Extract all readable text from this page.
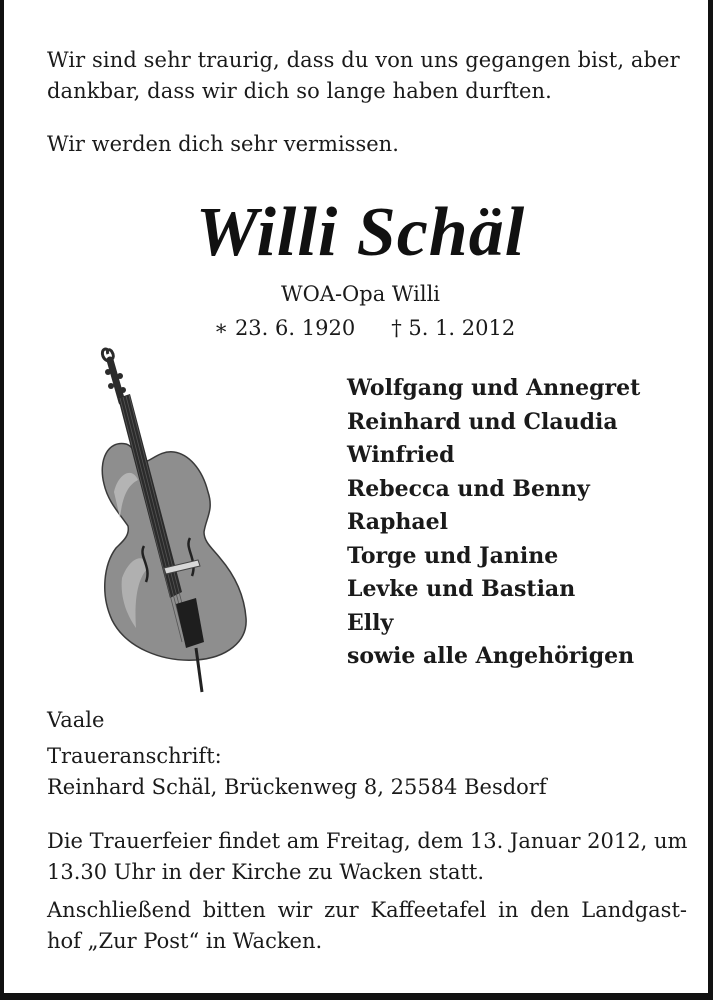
Wir sind sehr traurig, dass du von uns gegangen bist, aber
dankbar, dass wir dich so lange haben durften.

Wir werden dich sehr vermissen.

Willi Schäl

WOA-Opa Willi

∗ 23. 6. 1920 † 5. 1. 2012

Wolfgang und Annegret
Reinhard und Claudia
Winfried
Rebecca und Benny
Raphael
Torge und Janine
Levke und Bastian
Elly
sowie alle Angehörigen

Vaale

Traueranschrift:
Reinhard Schäl, Brückenweg 8, 25584 Besdorf

Die Trauerfeier findet am Freitag, dem 13. Januar 2012, um
13.30 Uhr in der Kirche zu Wacken statt.

Anschließend bitten wir zur Kaffeetafel in den Landgast-
hof „Zur Post“ in Wacken.
